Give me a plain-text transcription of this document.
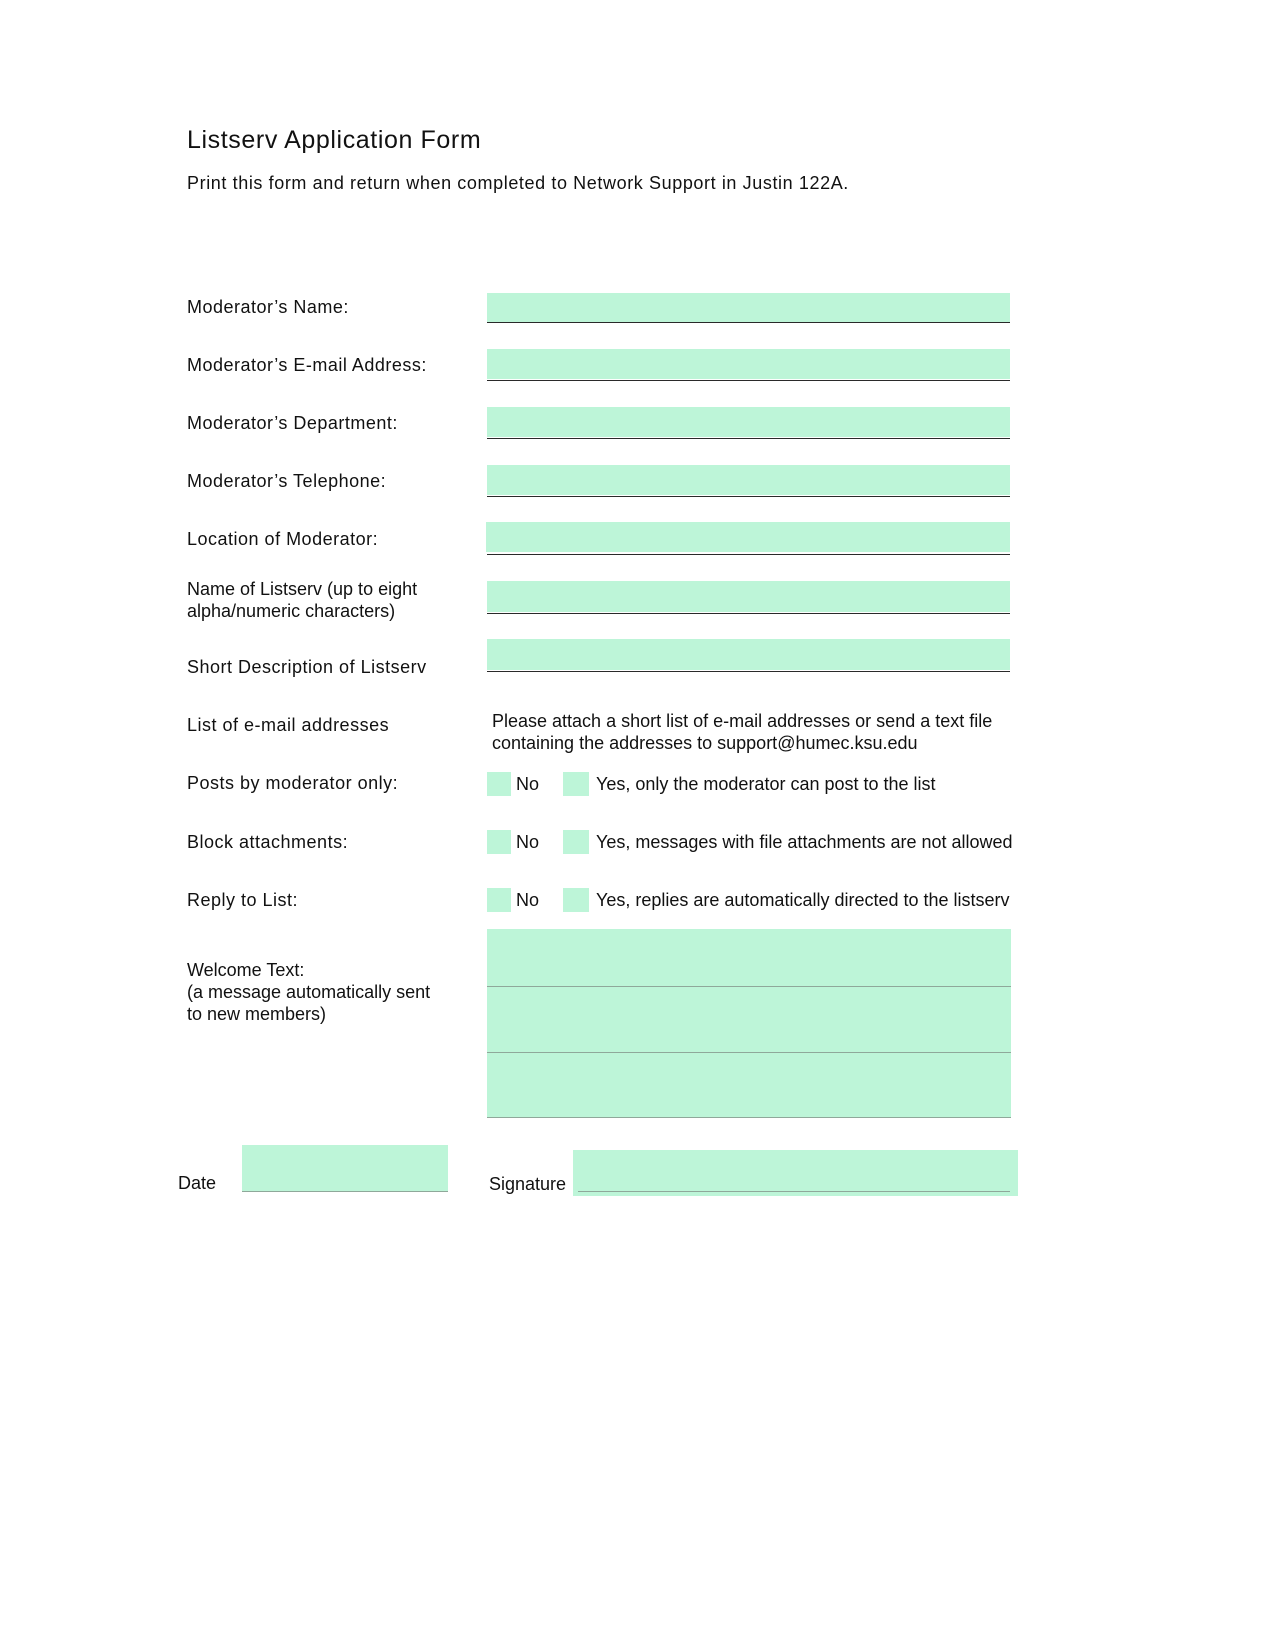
Listserv Application Form
Print this form and return when completed to Network Support in Justin 122A.
Moderator’s Name:
Moderator’s E-mail Address:
Moderator’s Department:
Moderator’s Telephone:
Location of Moderator:
Name of Listserv (up to eight
alpha/numeric characters)
Short Description of Listserv
List of e-mail addresses	Please attach a short list of e-mail addresses or send a text file
containing the addresses to support@humec.ksu.edu
Posts by moderator only:	No	Yes, only the moderator can post to the list
Block attachments:	No	Yes, messages with file attachments are not allowed
Reply to List:	No	Yes, replies are automatically directed to the listserv
Welcome Text:
(a message automatically sent
to new members)
Date	Signature
